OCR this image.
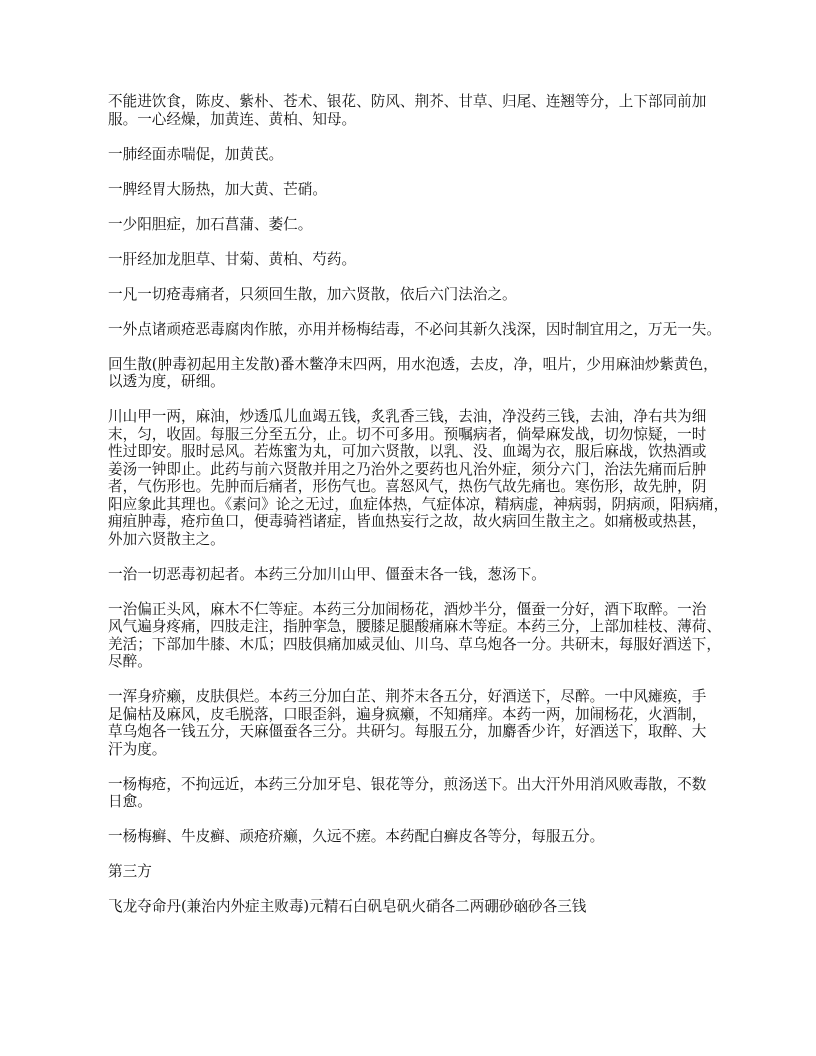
不能进饮食，陈皮、紫朴、苍术、银花、防风、荆芥、甘草、归尾、连翘等分，上下部同前加
服。一心经燥，加黄连、黄柏、知母。
一肺经面赤喘促，加黄芪。
一脾经胃大肠热，加大黄、芒硝。
一少阳胆症，加石菖蒲、萎仁。
一肝经加龙胆草、甘菊、黄柏、芍药。
一凡一切疮毒痛者，只须回生散，加六贤散，依后六门法治之。
一外点诸顽疮恶毒腐肉作脓，亦用并杨梅结毒，不必问其新久浅深，因时制宜用之，万无一失。
回生散(肿毒初起用主发散)番木鳖净末四两，用水泡透，去皮，净，咀片，少用麻油炒紫黄色，
以透为度，研细。
川山甲一两，麻油，炒透瓜儿血竭五钱，炙乳香三钱，去油，净没药三钱，去油，净右共为细
末，匀，收固。每服三分至五分，止。切不可多用。预嘱病者，倘晕麻发战，切勿惊疑，一时
性过即安。服时忌风。若炼蜜为丸，可加六贤散，以乳、没、血竭为衣，服后麻战，饮热酒或
姜汤一钟即止。此药与前六贤散并用之乃治外之要药也凡治外症，须分六门，治法先痛而后肿
者，气伤形也。先肿而后痛者，形伤气也。喜怒风气，热伤气故先痛也。寒伤形，故先肿，阴
阳应象此其理也。《素问》论之无过，血症体热，气症体凉，精病虚，神病弱，阴病顽，阳病痛，
痈疽肿毒，疮疖鱼口，便毒骑裆诸症，皆血热妄行之故，故火病回生散主之。如痛极或热甚，
外加六贤散主之。
一治一切恶毒初起者。本药三分加川山甲、僵蚕末各一钱，葱汤下。
一治偏正头风，麻木不仁等症。本药三分加闹杨花，酒炒半分，僵蚕一分好，酒下取醉。一治
风气遍身疼痛，四肢走注，指肿挛急，腰膝足腿酸痛麻木等症。本药三分，上部加桂枝、薄荷、
羌活；下部加牛膝、木瓜；四肢俱痛加威灵仙、川乌、草乌炮各一分。共研末，每服好酒送下，
尽醉。
一浑身疥癞，皮肤俱烂。本药三分加白芷、荆芥末各五分，好酒送下，尽醉。一中风瘫痪，手
足偏枯及麻风，皮毛脱落，口眼歪斜，遍身疯癞，不知痛痒。本药一两，加闹杨花，火酒制，
草乌炮各一钱五分，天麻僵蚕各三分。共研匀。每服五分，加麝香少许，好酒送下，取醉、大
汗为度。
一杨梅疮，不拘远近，本药三分加牙皂、银花等分，煎汤送下。出大汗外用消风败毒散，不数
日愈。
一杨梅癣、牛皮癣、顽疮疥癞，久远不瘥。本药配白癣皮各等分，每服五分。
第三方
飞龙夺命丹(兼治内外症主败毒)元精石白矾皂矾火硝各二两硼砂硇砂各三钱
